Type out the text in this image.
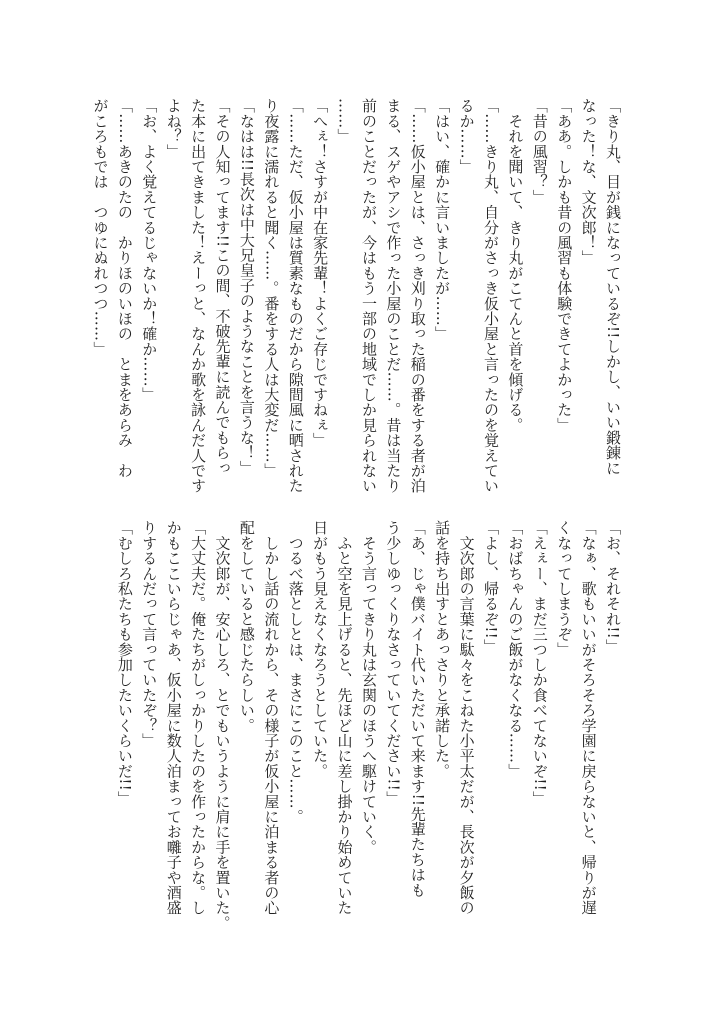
「きり丸、目が銭になっているぞ!!しかし、いい鍛錬に
なった！な、文次郎！」
「ああ。しかも昔の風習も体験できてよかった」
「昔の風習？」
　それを聞いて、きり丸がこてんと首を傾げる。
「……きり丸、自分がさっき仮小屋と言ったのを覚えてい
るか……」
「はい、確かに言いましたが……」
「……仮小屋とは、さっき刈り取った稲の番をする者が泊
まる、スゲやアシで作った小屋のことだ……。昔は当たり
前のことだったが、今はもう一部の地域でしか見られない
……」
「へぇ！さすが中在家先輩！よくご存じですねぇ」
「……ただ、仮小屋は質素なものだから隙間風に晒された
り夜露に濡れると聞く……。番をする人は大変だ……」
「なはは!!長次は中大兄皇子のようなことを言うな！」
「その人知ってます!!この間、不破先輩に読んでもらっ
た本に出てきました！えーっと、なんか歌を詠んだ人です
よね？」
「お、よく覚えてるじゃないか！確か……」
「……あきのたの　かりほのいほの　とまをあらみ　わ
がころもでは　つゆにぬれつつ……」
「お、それそれ!!」
「なぁ、歌もいいがそろそろ学園に戻らないと、帰りが遅
くなってしまうぞ」
「えぇー、まだ三つしか食べてないぞ!!」
「おばちゃんのご飯がなくなる……」
「よし、帰るぞ!!」
　文次郎の言葉に駄々をこねた小平太だが、長次が夕飯の
話を持ち出すとあっさりと承諾した。
「あ、じゃ僕バイト代いただいて来ます!!先輩たちはも
う少しゆっくりなさっていてください!!」
　そう言ってきり丸は玄関のほうへ駆けていく。
　ふと空を見上げると、先ほど山に差し掛かり始めていた
日がもう見えなくなろうとしていた。
　つるべ落としとは、まさにこのこと……。
　しかし話の流れから、その様子が仮小屋に泊まる者の心
配をしていると感じたらしい。
　文次郎が、安心しろ、とでもいうように肩に手を置いた。
「大丈夫だ。俺たちがしっかりしたのを作ったからな。し
かもここいらじゃあ、仮小屋に数人泊まってお囃子や酒盛
りするんだって言っていたぞ？」
「むしろ私たちも参加したいくらいだ!!」
